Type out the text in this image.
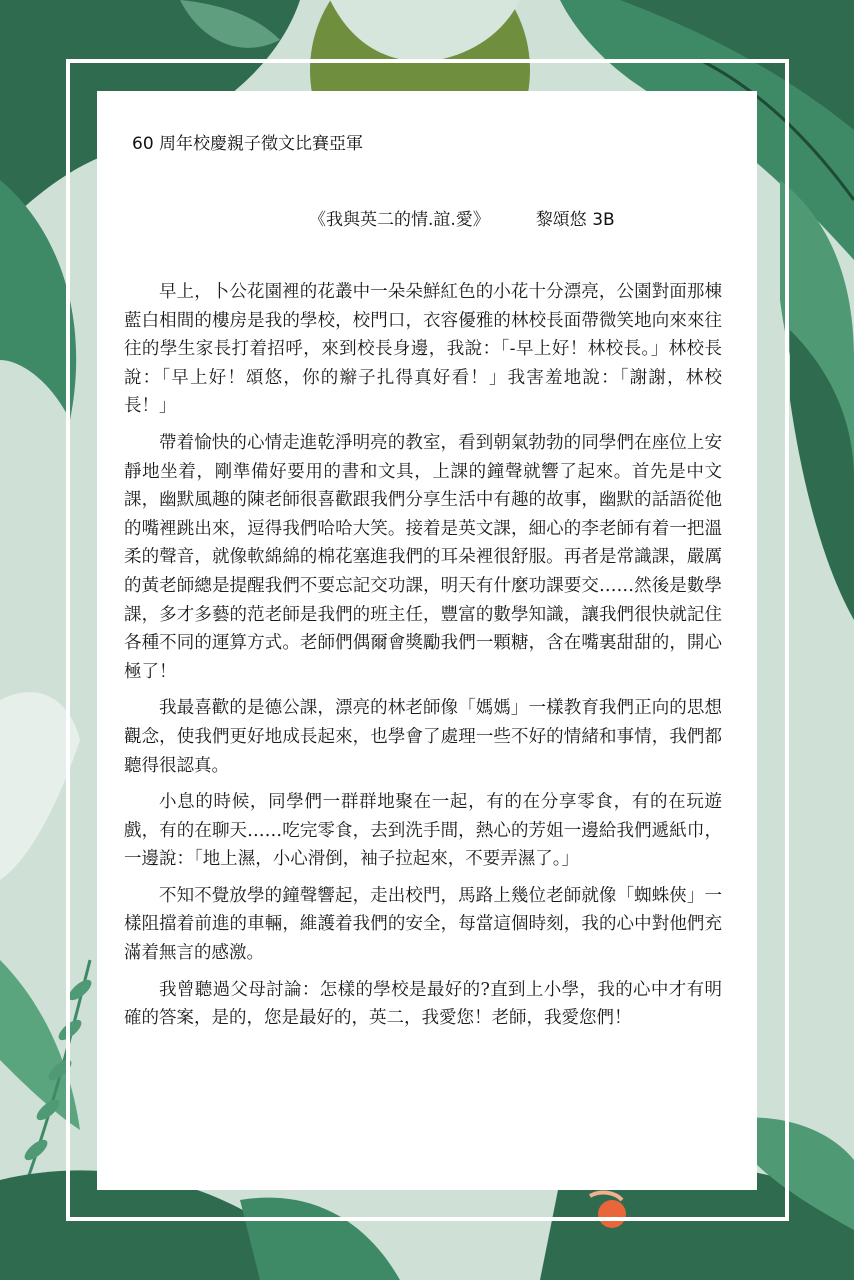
60 周年校慶親子徵文比賽亞軍
《我與英二的情.誼.愛》	黎頌悠 3B

早上，卜公花園裡的花叢中一朵朵鮮紅色的小花十分漂亮，公園對面那棟藍白相間的樓房是我的學校，校門口，衣容優雅的林校長面帶微笑地向來來往往的學生家長打着招呼，來到校長身邊，我說：「-早上好！林校長。」林校長說：「早上好！頌悠，你的辮子扎得真好看！」我害羞地說：「謝謝，林校長！」

帶着愉快的心情走進乾淨明亮的教室，看到朝氣勃勃的同學們在座位上安靜地坐着，剛準備好要用的書和文具，上課的鐘聲就響了起來。首先是中文課，幽默風趣的陳老師很喜歡跟我們分享生活中有趣的故事，幽默的話語從他的嘴裡跳出來，逗得我們哈哈大笑。接着是英文課，細心的李老師有着一把溫柔的聲音，就像軟綿綿的棉花塞進我們的耳朵裡很舒服。再者是常識課，嚴厲的黃老師總是提醒我們不要忘記交功課，明天有什麼功課要交……然後是數學課，多才多藝的范老師是我們的班主任，豐富的數學知識，讓我們很快就記住各種不同的運算方式。老師們偶爾會獎勵我們一顆糖，含在嘴裏甜甜的，開心極了！

我最喜歡的是德公課，漂亮的林老師像「媽媽」一樣教育我們正向的思想觀念，使我們更好地成長起來，也學會了處理一些不好的情緒和事情，我們都聽得很認真。

小息的時候，同學們一群群地聚在一起，有的在分享零食，有的在玩遊戲，有的在聊天……吃完零食，去到洗手間，熱心的芳姐一邊給我們遞紙巾，一邊說：「地上濕，小心滑倒，袖子拉起來，不要弄濕了。」

不知不覺放學的鐘聲響起，走出校門，馬路上幾位老師就像「蜘蛛俠」一樣阻擋着前進的車輛，維護着我們的安全，每當這個時刻，我的心中對他們充滿着無言的感激。

我曾聽過父母討論：怎樣的學校是最好的?直到上小學，我的心中才有明確的答案，是的，您是最好的，英二，我愛您！老師，我愛您們！
